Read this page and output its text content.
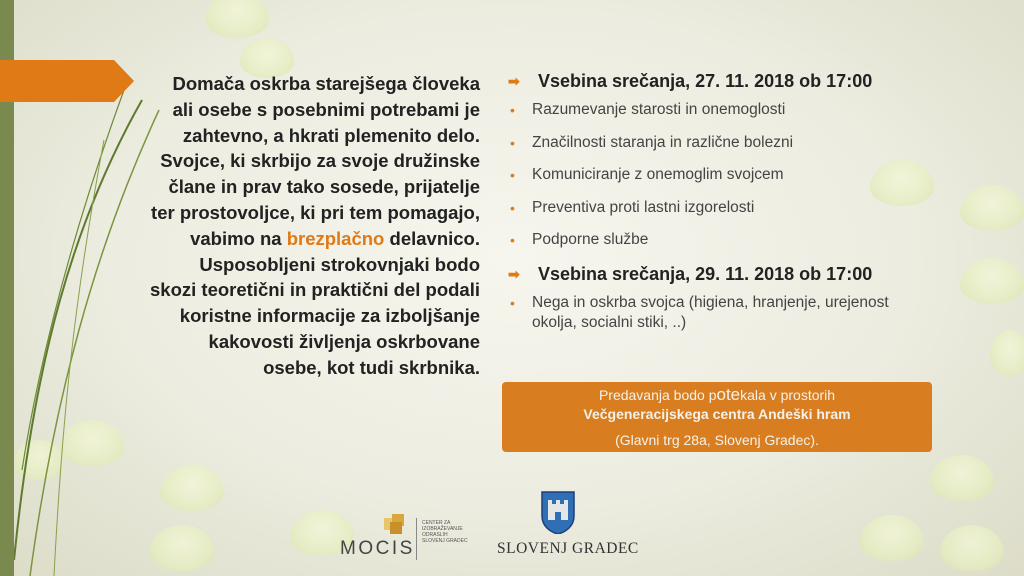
Domača oskrba starejšega človeka ali osebe s posebnimi potrebami je zahtevno, a hkrati plemenito delo. Svojce, ki skrbijo za svoje družinske člane in prav tako sosede, prijatelje ter prostovoljce, ki pri tem pomagajo, vabimo na brezplačno delavnico. Usposobljeni strokovnjaki bodo skozi teoretični in praktični del podali koristne informacije za izboljšanje kakovosti življenja oskrbovane osebe, kot tudi skrbnika.
➡ Vsebina srečanja, 27. 11. 2018 ob 17:00
• Razumevanje starosti in onemoglosti
• Značilnosti staranja in različne bolezni
• Komuniciranje z onemoglim svojcem
• Preventiva proti lastni izgorelosti
• Podporne službe
➡ Vsebina srečanja, 29. 11. 2018 ob 17:00
• Nega in oskrba svojca (higiena, hranjenje, urejenost okolja, socialni stiki, ..)
Predavanja bodo potekala v prostorih
Večgeneracijskega centra Andeški hram
(Glavni trg 28a, Slovenj Gradec).
MOCIS
CENTER ZA
IZOBRAŽEVANJE
ODRASLIH
SLOVENJ GRADEC	SLOVENJ GRADEC
